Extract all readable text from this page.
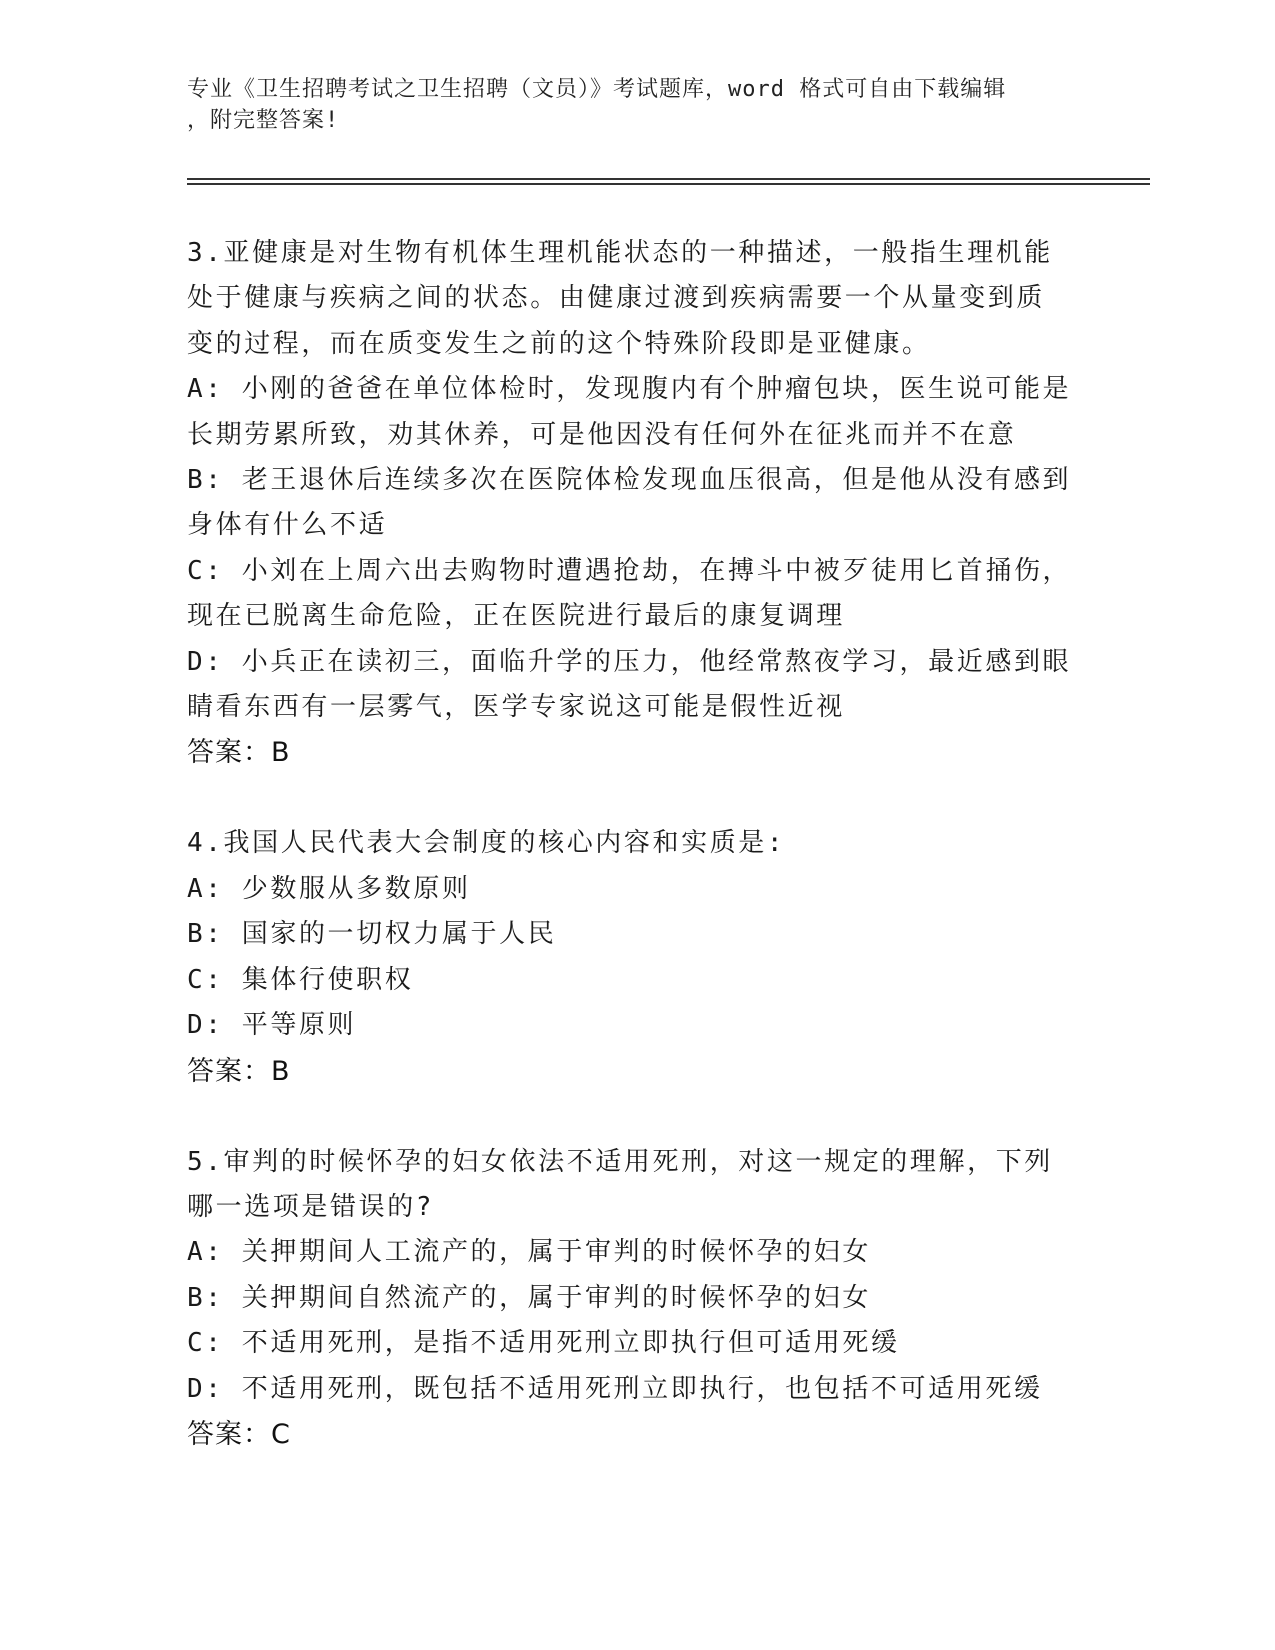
专业《卫生招聘考试之卫生招聘（文员）》考试题库，word 格式可自由下载编辑
，附完整答案!
3.亚健康是对生物有机体生理机能状态的一种描述，一般指生理机能
处于健康与疾病之间的状态。由健康过渡到疾病需要一个从量变到质
变的过程，而在质变发生之前的这个特殊阶段即是亚健康。
A: 小刚的爸爸在单位体检时，发现腹内有个肿瘤包块，医生说可能是
长期劳累所致，劝其休养，可是他因没有任何外在征兆而并不在意
B: 老王退休后连续多次在医院体检发现血压很高，但是他从没有感到
身体有什么不适
C: 小刘在上周六出去购物时遭遇抢劫，在搏斗中被歹徒用匕首捅伤，
现在已脱离生命危险，正在医院进行最后的康复调理
D: 小兵正在读初三，面临升学的压力，他经常熬夜学习，最近感到眼
睛看东西有一层雾气，医学专家说这可能是假性近视
答案：B
4.我国人民代表大会制度的核心内容和实质是:
A: 少数服从多数原则
B: 国家的一切权力属于人民
C: 集体行使职权
D: 平等原则
答案：B
5.审判的时候怀孕的妇女依法不适用死刑，对这一规定的理解，下列
哪一选项是错误的?
A: 关押期间人工流产的，属于审判的时候怀孕的妇女
B: 关押期间自然流产的，属于审判的时候怀孕的妇女
C: 不适用死刑，是指不适用死刑立即执行但可适用死缓
D: 不适用死刑，既包括不适用死刑立即执行，也包括不可适用死缓
答案：C
